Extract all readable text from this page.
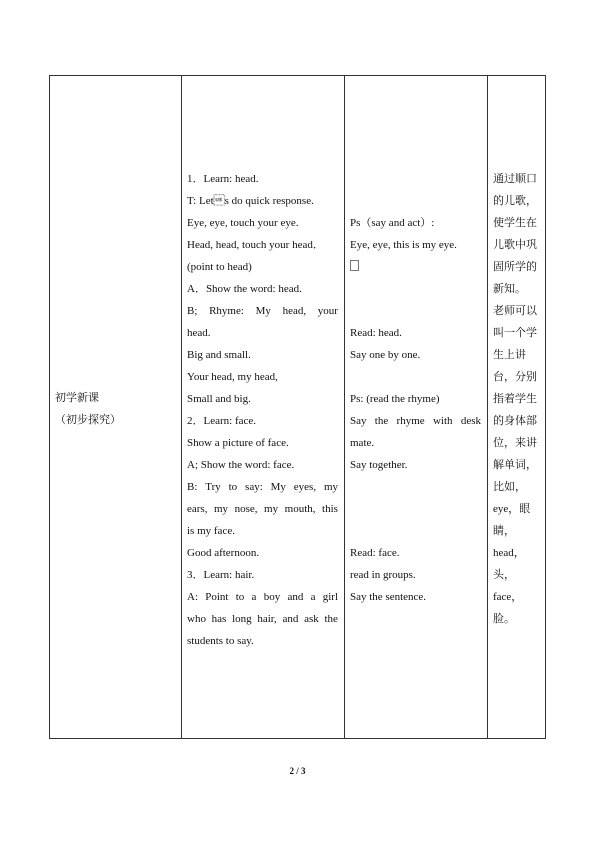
初学新课
（初步探究）
1．Learn: head.
T: Lets do quick response.
Eye, eye, touch your eye.
Head, head, touch your head．
(point to head)
A．Show the word: head.
B; Rhyme: My head, your
head.
Big and small.
Your head, my head,
Small and big.
2．Learn: face.
Show a picture of face.
A; Show the word: face.
B: Try to say: My eyes, my
ears, my nose, my mouth, this
is my face.
Good afternoon.
3．Learn: hair.
A: Point to a boy and a girl
who has long hair, and ask the
students to say.
Ps（say and act）:
Eye, eye, this is my eye.
Read: head.
Say one by one.
Ps: (read the rhyme)
Say the rhyme with desk
mate.
Say together.
Read: face.
read in groups.
Say the sentence.
通过顺口
的儿歌，
使学生在
儿歌中巩
固所学的
新知。
老师可以
叫一个学
生上讲
台，分别
指着学生
的身体部
位，来讲
解单词，
比如，
eye，眼
睛，
head，
头，
face，
脸。
2 / 3
